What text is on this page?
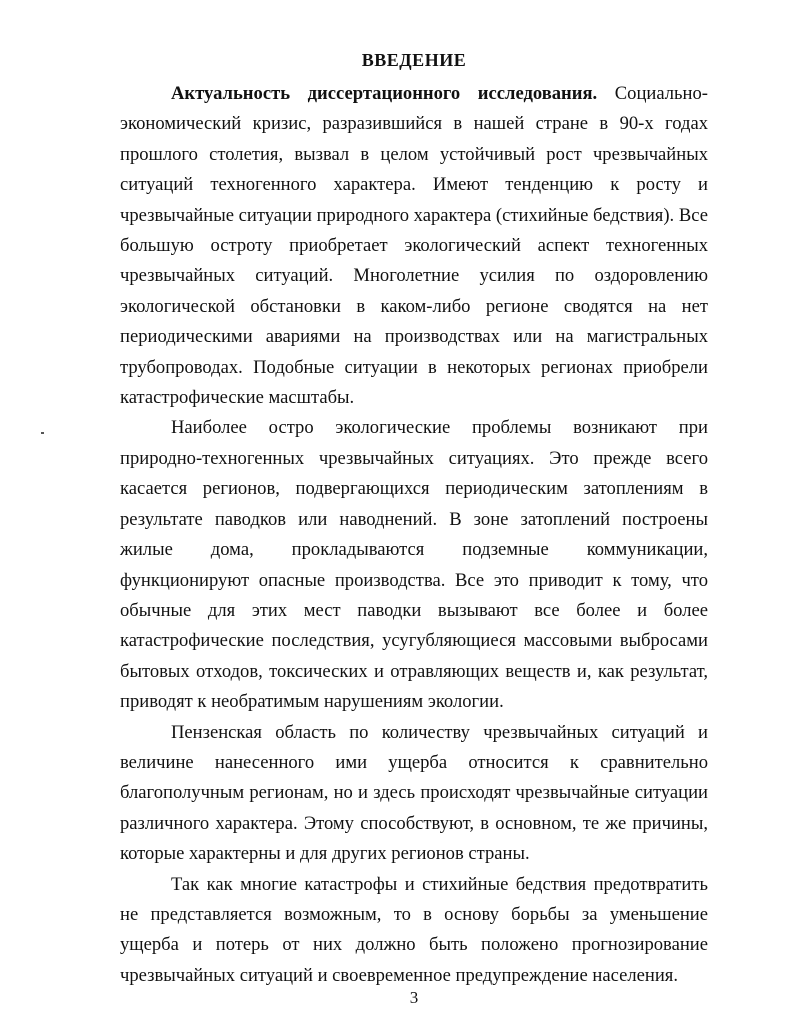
ВВЕДЕНИЕ

Актуальность диссертационного исследования. Социально-экономический кризис, разразившийся в нашей стране в 90-х годах прошлого столетия, вызвал в целом устойчивый рост чрезвычайных ситуаций техногенного характера. Имеют тенденцию к росту и чрезвычайные ситуации природного характера (стихийные бедствия). Все большую остроту приобретает экологический аспект техногенных чрезвычайных ситуаций. Многолетние усилия по оздоровлению экологической обстановки в каком-либо регионе сводятся на нет периодическими авариями на производствах или на магистральных трубопроводах. Подобные ситуации в некоторых регионах приобрели катастрофические масштабы.

Наиболее остро экологические проблемы возникают при природно-техногенных чрезвычайных ситуациях. Это прежде всего касается регионов, подвергающихся периодическим затоплениям в результате паводков или наводнений. В зоне затоплений построены жилые дома, прокладываются подземные коммуникации, функционируют опасные производства. Все это приводит к тому, что обычные для этих мест паводки вызывают все более и более катастрофические последствия, усугубляющиеся массовыми выбросами бытовых отходов, токсических и отравляющих веществ и, как результат, приводят к необратимым нарушениям экологии.

Пензенская область по количеству чрезвычайных ситуаций и величине нанесенного ими ущерба относится к сравнительно благополучным регионам, но и здесь происходят чрезвычайные ситуации различного характера. Этому способствуют, в основном, те же причины, которые характерны и для других регионов страны.

Так как многие катастрофы и стихийные бедствия предотвратить не представляется возможным, то в основу борьбы за уменьшение ущерба и потерь от них должно быть положено прогнозирование чрезвычайных ситуаций и своевременное предупреждение населения.

3
